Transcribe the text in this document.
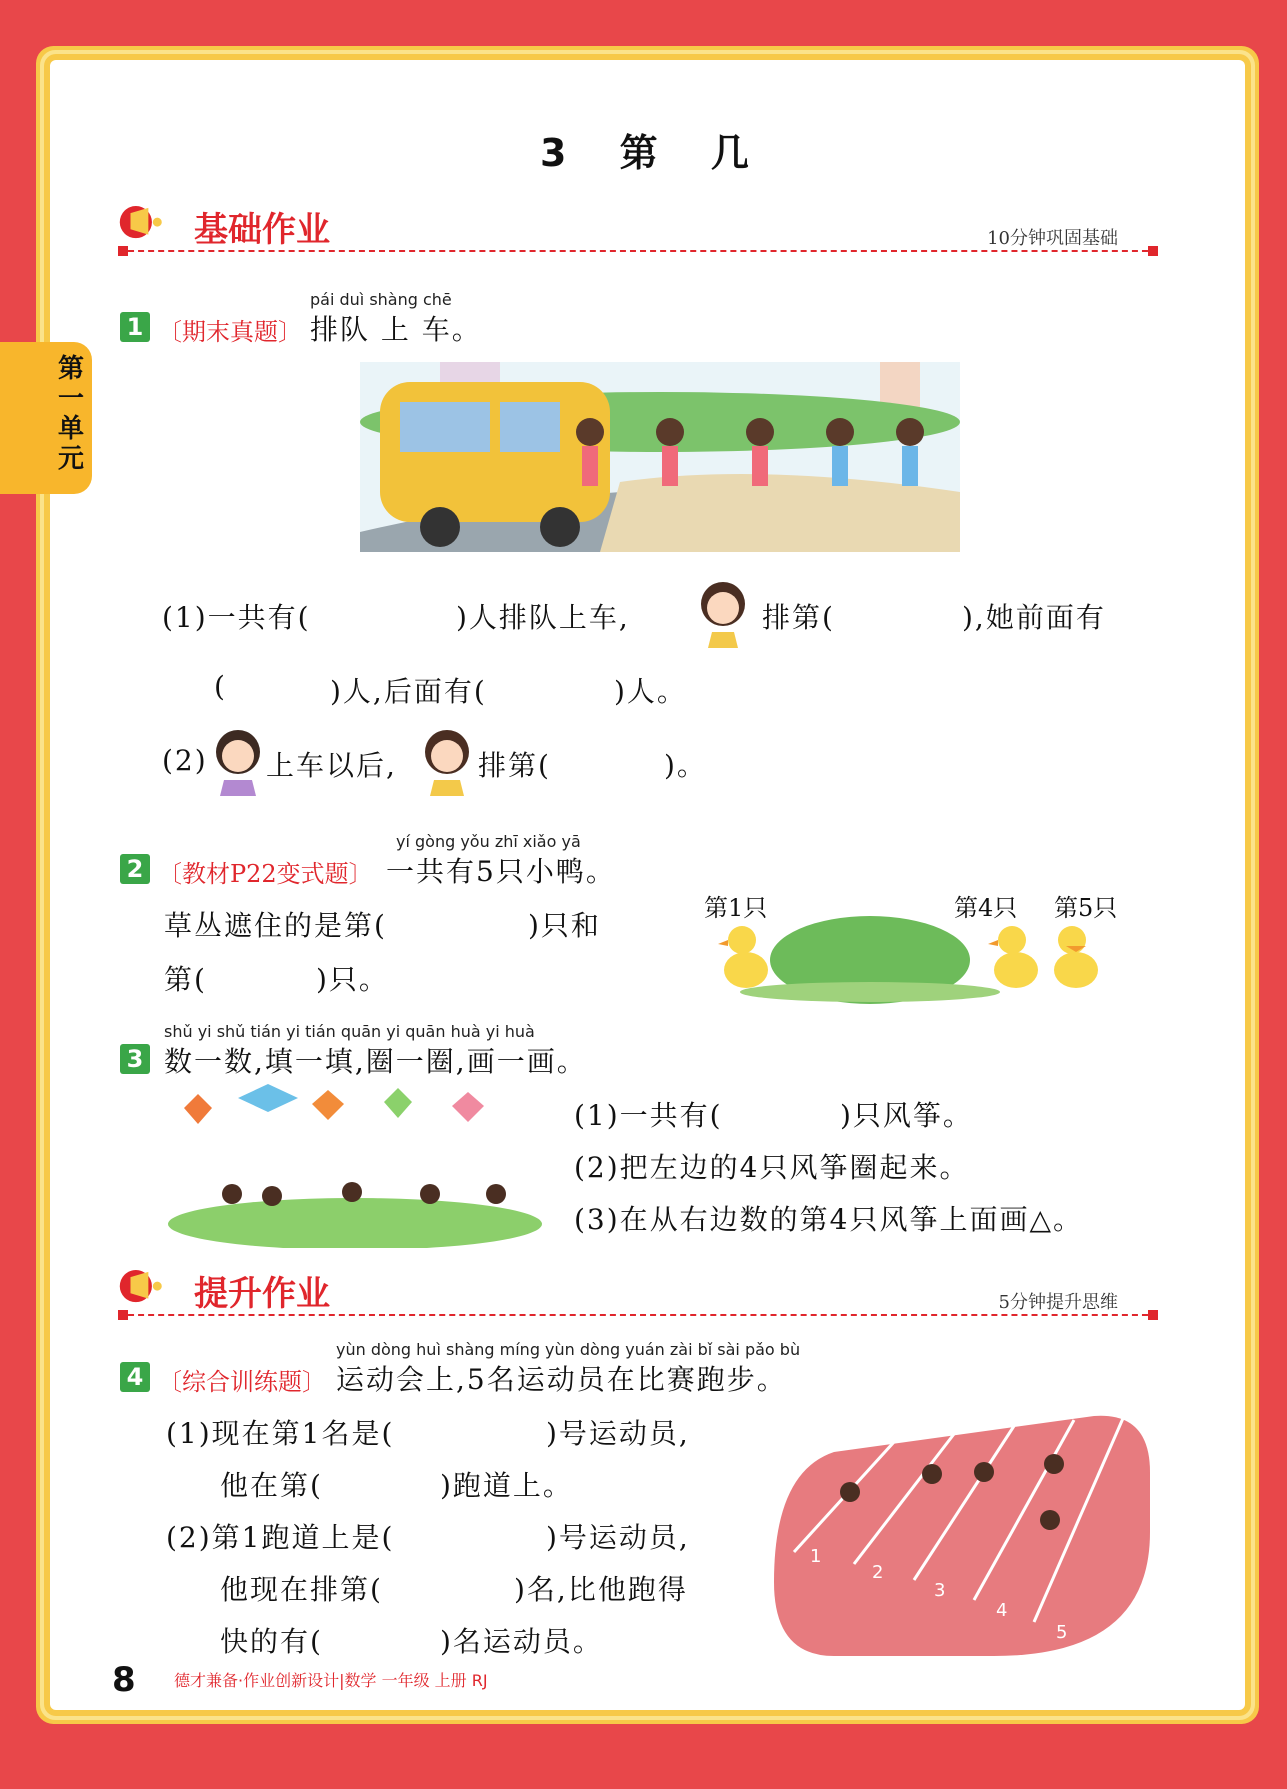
第一单元
3 第 几
基础作业	10分钟巩固基础
pái duì shàng chē
1 〔期末真题〕 排队 上 车。
(1)一共有(	)人排队上车,	排第(	),她前面有
(	)人,后面有(	)人。
(2) 上车以后,	排第(	)。
yí gòng yǒu zhī xiǎo yā
2 〔教材P22变式题〕 一共有5只小鸭。
草丛遮住的是第(	)只和
第(	)只。
第1只	第4只 第5只
shǔ yi shǔ tián yi tián quān yi quān huà yi huà
3 数一数,填一填,圈一圈,画一画。
(1)一共有(	)只风筝。
(2)把左边的4只风筝圈起来。
(3)在从右边数的第4只风筝上面画△。
提升作业	5分钟提升思维
yùn dòng huì shàng míng yùn dòng yuán zài bǐ sài pǎo bù
4 〔综合训练题〕 运动会上,5名运动员在比赛跑步。
(1)现在第1名是(	)号运动员,
他在第(	)跑道上。
(2)第1跑道上是(	)号运动员,
他现在排第(	)名,比他跑得
快的有(	)名运动员。
1
2
3
4
5
8 德才兼备·作业创新设计|数学 一年级 上册 RJ
